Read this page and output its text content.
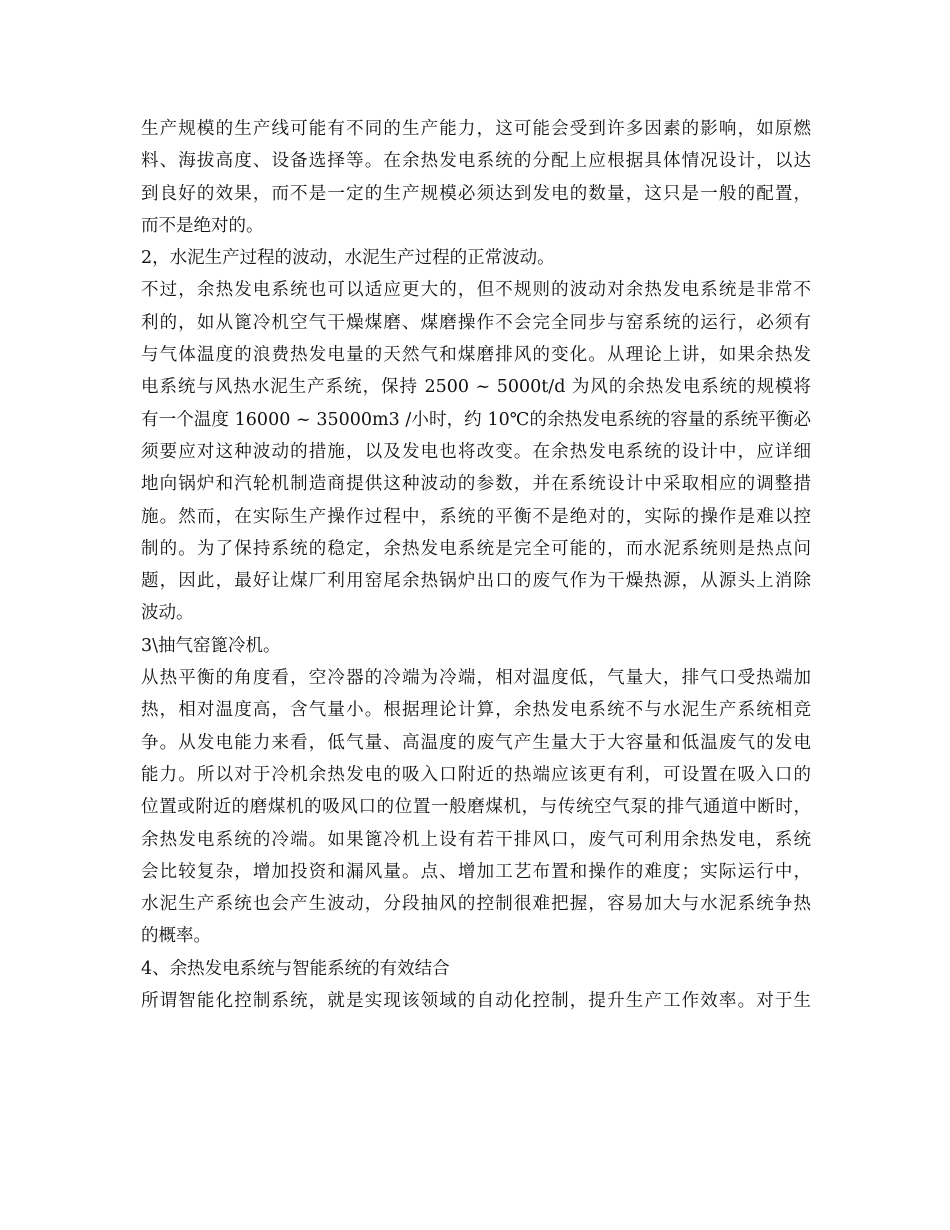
生产规模的生产线可能有不同的生产能力，这可能会受到许多因素的影响，如原燃
料、海拔高度、设备选择等。在余热发电系统的分配上应根据具体情况设计，以达
到良好的效果，而不是一定的生产规模必须达到发电的数量，这只是一般的配置，
而不是绝对的。
2，水泥生产过程的波动，水泥生产过程的正常波动。
不过，余热发电系统也可以适应更大的，但不规则的波动对余热发电系统是非常不
利的，如从篦冷机空气干燥煤磨、煤磨操作不会完全同步与窑系统的运行，必须有
与气体温度的浪费热发电量的天然气和煤磨排风的变化。从理论上讲，如果余热发
电系统与风热水泥生产系统，保持 2500 ~ 5000t/d 为风的余热发电系统的规模将
有一个温度 16000 ~ 35000m3 /小时，约 10℃的余热发电系统的容量的系统平衡必
须要应对这种波动的措施，以及发电也将改变。在余热发电系统的设计中，应详细
地向锅炉和汽轮机制造商提供这种波动的参数，并在系统设计中采取相应的调整措
施。然而，在实际生产操作过程中，系统的平衡不是绝对的，实际的操作是难以控
制的。为了保持系统的稳定，余热发电系统是完全可能的，而水泥系统则是热点问
题，因此，最好让煤厂利用窑尾余热锅炉出口的废气作为干燥热源，从源头上消除
波动。
3\抽气窑篦冷机。
从热平衡的角度看，空冷器的冷端为冷端，相对温度低，气量大，排气口受热端加
热，相对温度高，含气量小。根据理论计算，余热发电系统不与水泥生产系统相竞
争。从发电能力来看，低气量、高温度的废气产生量大于大容量和低温废气的发电
能力。所以对于冷机余热发电的吸入口附近的热端应该更有利，可设置在吸入口的
位置或附近的磨煤机的吸风口的位置一般磨煤机，与传统空气泵的排气通道中断时，
余热发电系统的冷端。如果篦冷机上设有若干排风口，废气可利用余热发电，系统
会比较复杂，增加投资和漏风量。点、增加工艺布置和操作的难度；实际运行中，
水泥生产系统也会产生波动，分段抽风的控制很难把握，容易加大与水泥系统争热
的概率。
4、余热发电系统与智能系统的有效结合
所谓智能化控制系统，就是实现该领域的自动化控制，提升生产工作效率。对于生
